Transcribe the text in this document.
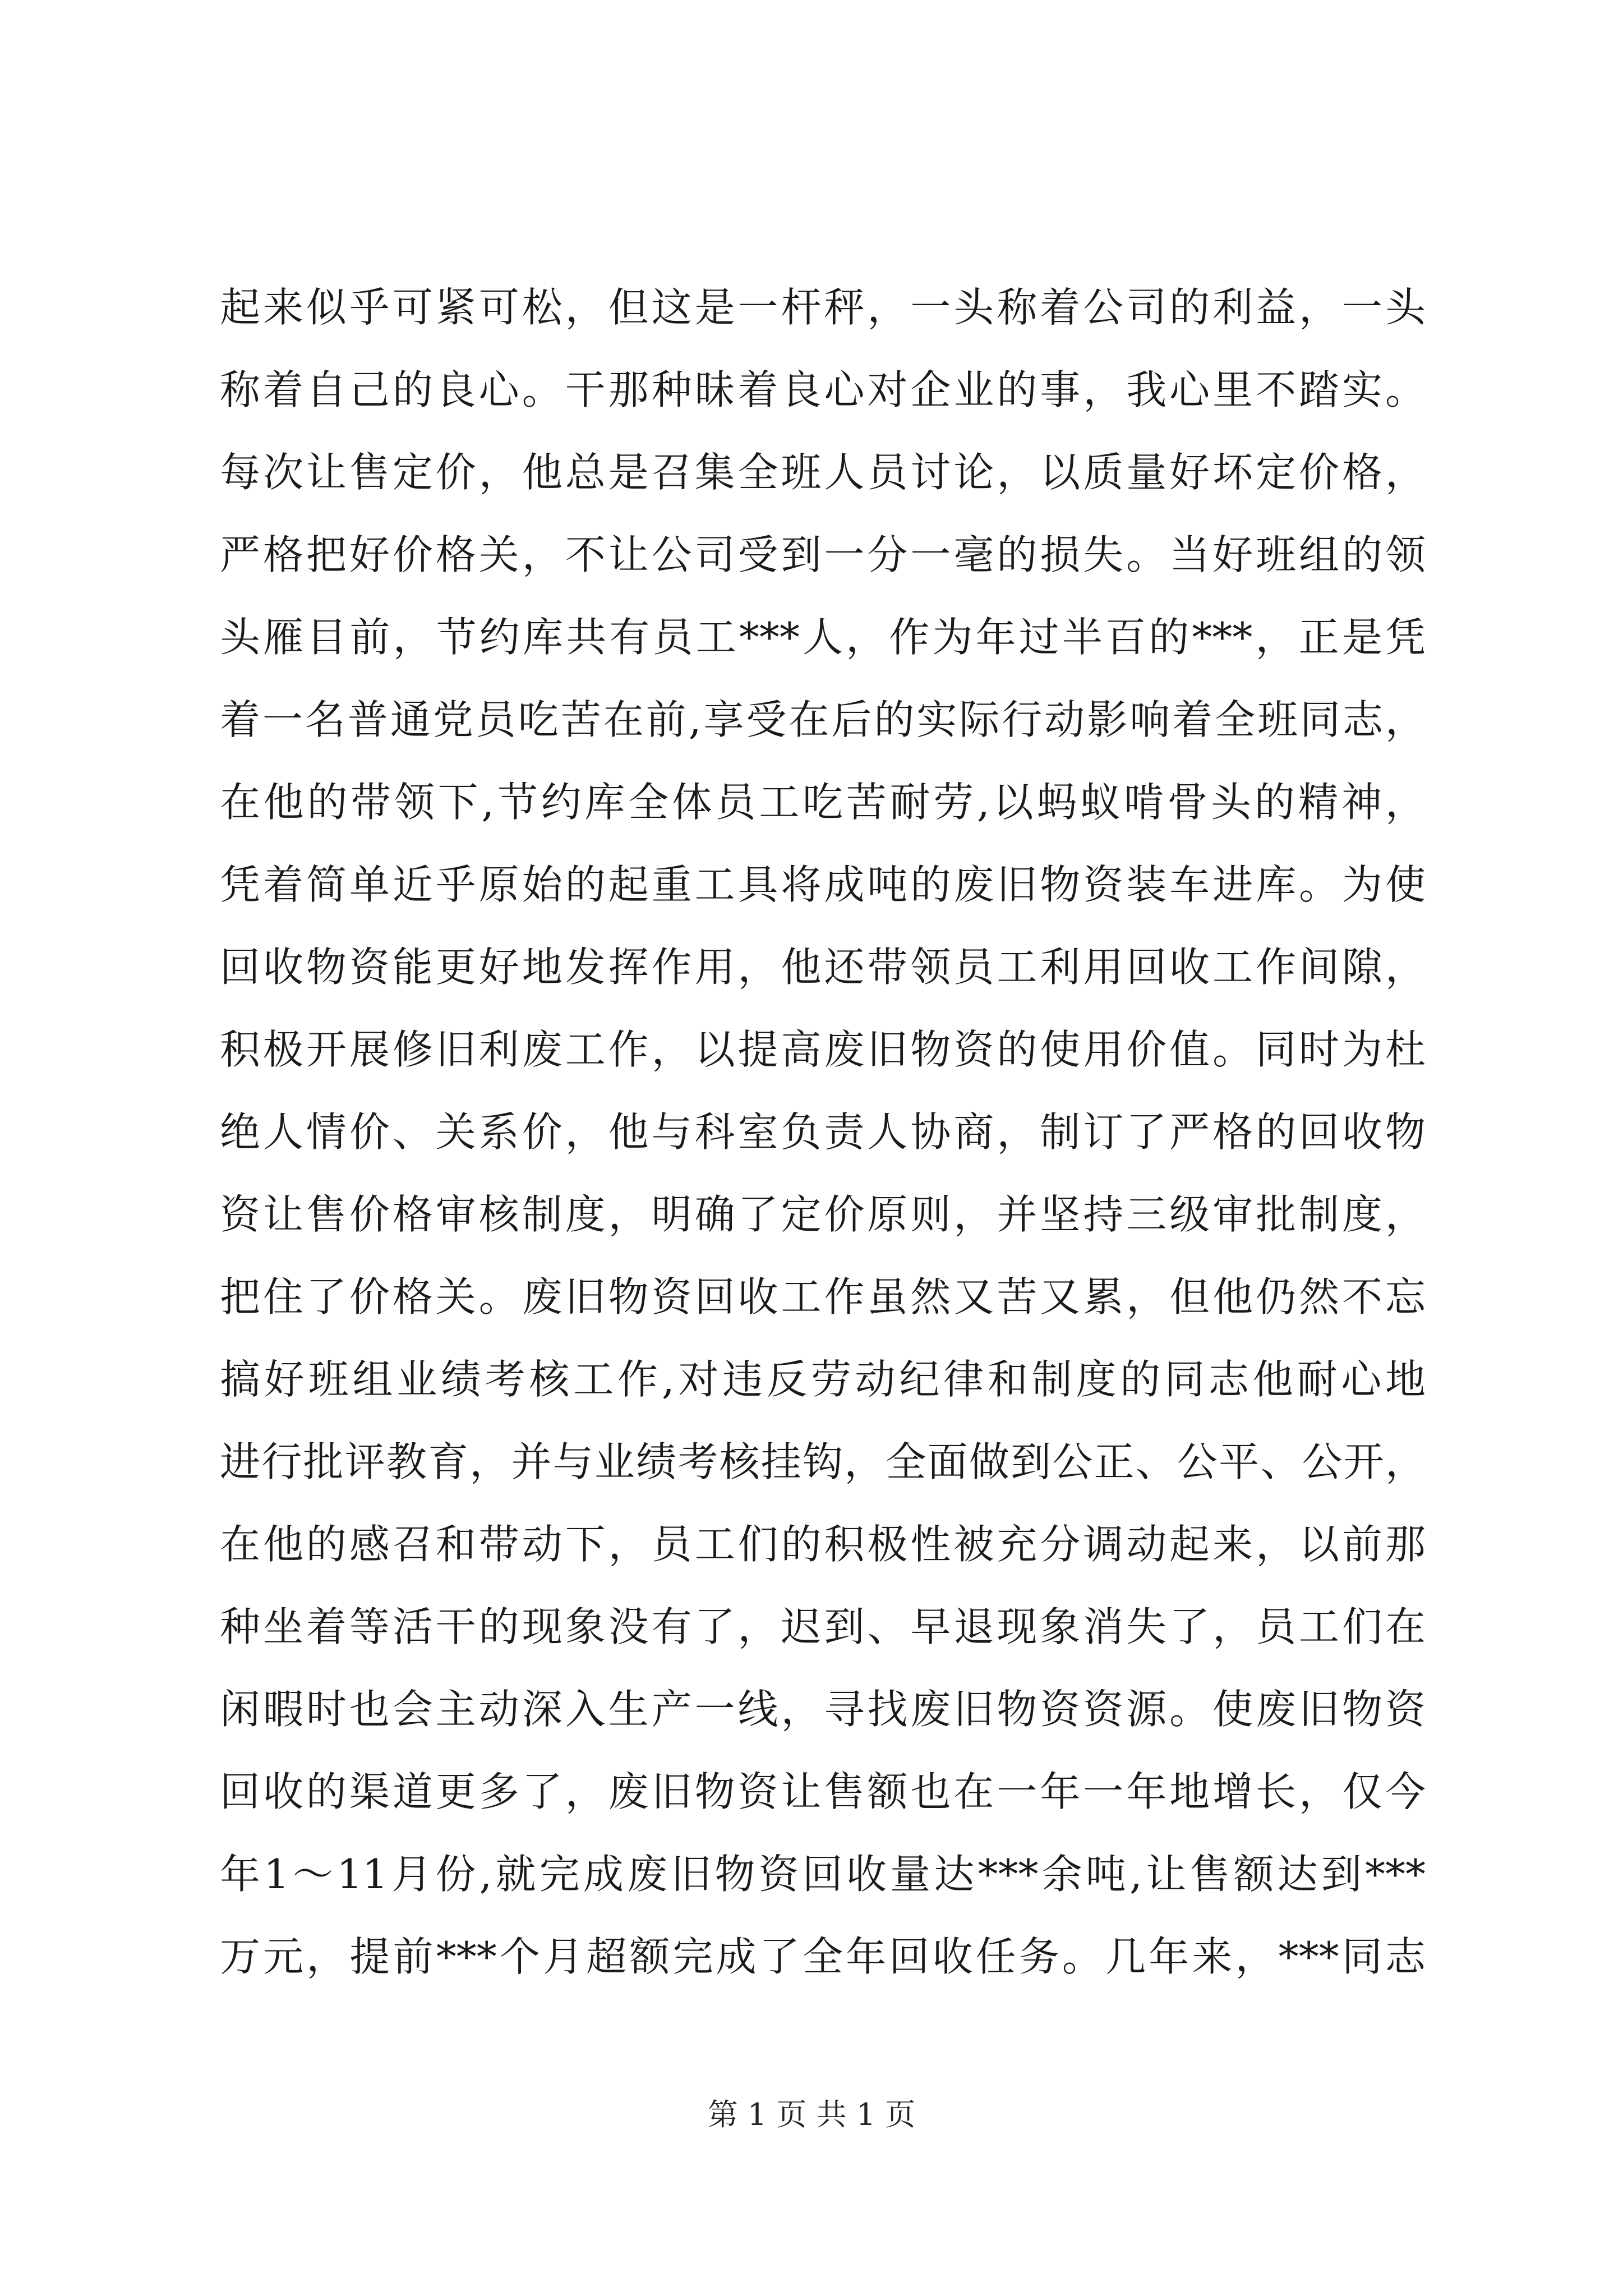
起来似乎可紧可松，但这是一杆秤，一头称着公司的利益，一头
称着自己的良心。干那种昧着良心对企业的事，我心里不踏实。
每次让售定价，他总是召集全班人员讨论，以质量好坏定价格，
严格把好价格关，不让公司受到一分一毫的损失。当好班组的领
头雁目前，节约库共有员工***人，作为年过半百的***，正是凭
着一名普通党员吃苦在前,享受在后的实际行动影响着全班同志，
在他的带领下,节约库全体员工吃苦耐劳,以蚂蚁啃骨头的精神，
凭着简单近乎原始的起重工具将成吨的废旧物资装车进库。为使
回收物资能更好地发挥作用，他还带领员工利用回收工作间隙，
积极开展修旧利废工作，以提高废旧物资的使用价值。同时为杜
绝人情价、关系价，他与科室负责人协商，制订了严格的回收物
资让售价格审核制度，明确了定价原则，并坚持三级审批制度，
把住了价格关。废旧物资回收工作虽然又苦又累，但他仍然不忘
搞好班组业绩考核工作,对违反劳动纪律和制度的同志他耐心地
进行批评教育，并与业绩考核挂钩，全面做到公正、公平、公开，
在他的感召和带动下，员工们的积极性被充分调动起来，以前那
种坐着等活干的现象没有了，迟到、早退现象消失了，员工们在
闲暇时也会主动深入生产一线，寻找废旧物资资源。使废旧物资
回收的渠道更多了，废旧物资让售额也在一年一年地增长，仅今
年1～11月份,就完成废旧物资回收量达***余吨,让售额达到***
万元，提前***个月超额完成了全年回收任务。几年来，***同志
第 1 页 共 1 页
